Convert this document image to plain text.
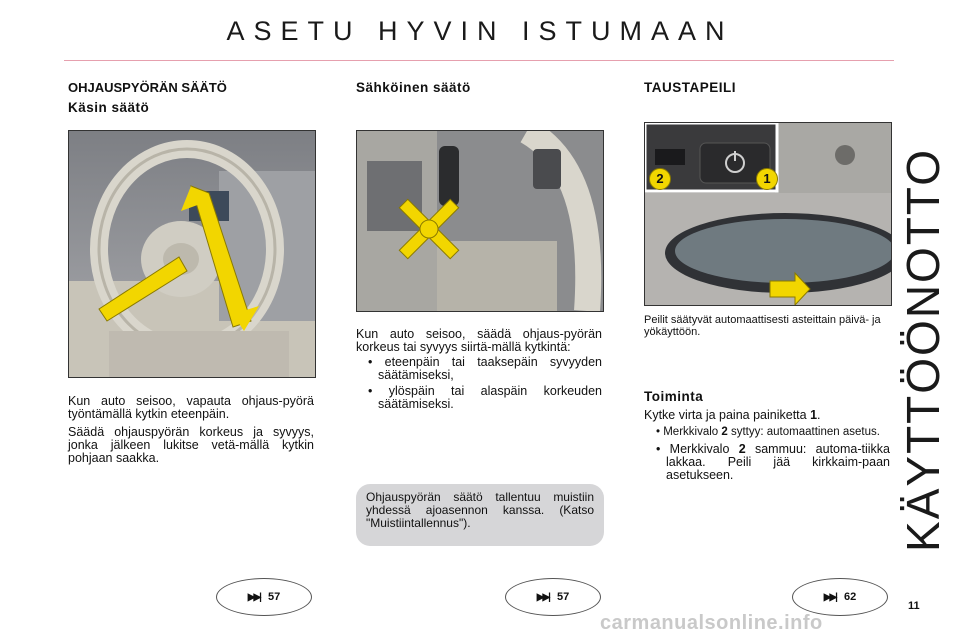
ASETU HYVIN ISTUMAAN
KÄYTTÖÖNOTTO
OHJAUSPYÖRÄN SÄÄTÖ
Käsin säätö

Kun auto seisoo, vapauta ohjaus-pyörä työntämällä kytkin eteenpäin.

Säädä ohjauspyörän korkeus ja syvyys, jonka jälkeen lukitse vetä-mällä kytkin pohjaan saakka.

▶▶| 57
Sähköinen säätö

Kun auto seisoo, säädä ohjaus-pyörän korkeus tai syvyys siirtä-mällä kytkintä:

• eteenpäin tai taaksepäin syvyyden säätämiseksi,

• ylöspäin tai alaspäin korkeuden säätämiseksi.

Ohjauspyörän säätö tallentuu muistiin yhdessä ajoasennon kanssa. (Katso "Muistiintallennus").
▶▶| 57
TAUSTAPEILI
2	1
Peilit säätyvät automaattisesti asteittain päivä- ja yökäyttöön.
Toiminta

Kytke virta ja paina painiketta 1.

• Merkkivalo 2 syttyy: automaattinen asetus.

• Merkkivalo 2 sammuu: automa-tiikka lakkaa. Peili jää kirkkaim-paan asetukseen.

▶▶| 62
11
carmanualsonline.info
